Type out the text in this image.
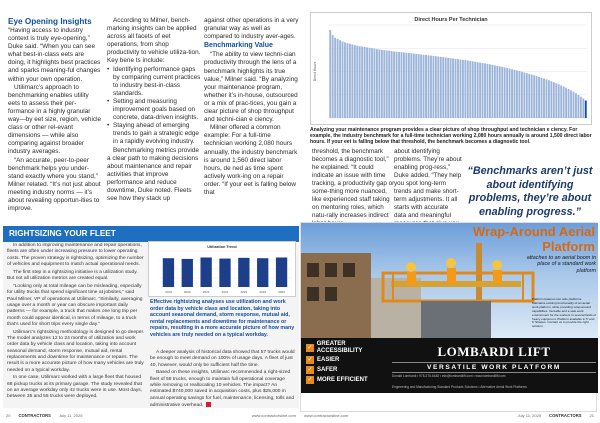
Eye Opening Insights

“Having access to industry context is truly eye-opening,” Duke said. “When you can see what best-in-class eets are doing, it highlights best practices and sparks meaning-ful changes within your own operation.

Utilimarc’s approach to benchmarking enables utility eets to assess their per-formance in a highly granular way—by eet size, region, vehicle class or other rel-evant dimensions — while also comparing against broader industry averages.

“An accurate, peer-to-peer benchmark helps you under-stand exactly where you stand,” Milner related. “It’s not just about meeting industry norms — it’s about revealing opportun-ities to improve.

According to Milner, bench-marking insights can be applied across all facets of eet operations, from shop productivity to vehicle utiliza-tion. Key bene ts include:

• Identifying performance gaps by comparing current practices to industry best-in-class standards.
• Setting and measuring improvement goals based on concrete, data-driven insights.
• Staying ahead of emerging trends to gain a strategic edge in a rapidly evolving industry.

Benchmarking metrics provide a clear path to making decisions about maintenance and repair activities that improve performance and reduce downtime, Duke noted. Fleets see how they stack up

against other operations in a very granular way as well as compared to industry aver-ages.

Benchmarking Value

“The ability to view techni-cian productivity through the lens of a benchmark highlights its true value,” Milner said. “By analyzing your maintenance program, whether it’s in-house, outsourced or a mix of prac-tices, you gain a clear picture of shop throughput and techni-cian e ciency.

Milner offered a common example: For a full-time technician working 2,080 hours annually, the industry benchmark is around 1,560 direct labor hours, de ned as time spent actively work-ing on a repair order. “If your eet is falling below that

Direct Hours Per Technician
Direct Hours
Analyzing your maintenance program provides a clear picture of shop throughput and technician e ciency. For example, the industry benchmark for a full-time technician working 2,080 hours annually is around 1,500 direct labor hours. If your eet is falling below that threshold, the benchmark becomes a diagnostic tool.

threshold, the benchmark becomes a diagnostic tool,” he explained. “It could indicate an issue with time tracking, a productivity gap or some-thing more nuanced, like experienced staff taking on mentoring roles, which natu-rally increases indirect

about identifying problems. They’re about enabling prog-ress,” Duke added. “They help you spot long-term trends and make short-term adjustments. It all starts with accurate data and meaningful

“Benchmarks aren’t just about identifying problems, they’re about enabling progress.”
RIGHTSIZING YOUR FLEET

In addition to improving maintenance and repair operations, fleets are often under increasing pressure to lower operating costs. The proven strategy is rightsizing, optimizing the number of vehicles and equipment to match actual operational needs.

The first step in a rightsizing initiative is a utilization study. But not all utilization metrics are created equal.

“Looking only at total mileage can be misleading, especially for utility trucks that spend significant time at jobsites,” said Paul Milner, VP of operations at Utilimarc. “Similarly, averaging usage over a month or year can obscure important daily patterns — for example, a truck that makes one long trip per month could appear identical, in terms of mileage, to a truck that’s used for short trips every single day.”

Utilimarc’s rightsizing methodology is designed to go deeper. The model analyzes 12 to 24 months of utilization and work order data by vehicle class and location, taking into account seasonal demand, storm response, mutual aid, rental replacements and downtime for maintenance or repairs. The result is a more accurate picture of how many vehicles are truly needed on a typical workday.

In one case, Utilimarc worked with a large fleet that housed 68 pickup trucks at its primary garage. The study revealed that on an average workday only 42 trucks were in use. Most days, between 35 and 55 trucks were deployed.

Utilization Trend
2019	2020	2021	2022	2023	2024	2025
Effective rightsizing analyses use utilization and work order data by vehicle class and location, taking into account seasonal demand, storm response, mutual aid, rental replacements and downtime for maintenance or repairs, resulting in a more accurate picture of how many vehicles are truly needed on a typical workday.

A deeper analysis of historical data showed that 57 trucks would be enough to meet demand on 100% of usage days. A fleet of just 40, however, would only be sufficient half the time.

Based on these insights, Utilimarc recommended a right-sized fleet of 58 trucks, enough to maintain full operational coverage while removing or reallocating 10 vehicles. The impact? An estimated $740,000 saved in acquisition costs, plus $25,000 in annual operating savings for fuel, maintenance, licensing, tolls and administrative overhead.

Wrap-Around Aerial Platform
attaches to an aerial boom in place of a standard work platform
Platform features two side platforms. Maintains existing functionality of an aerial work platform, while providing wrap-around capabilities. Versatile and a safe work environment for the workers in several fields of heavy equipment. Platform available in 5’ and 6’ Shapes. Contact us to provide the right solution.
✓
GREATER ACCESSIBILITY
✓ EASIER
✓ SAFER
✓ MORE EFFICIENT
LOMBARDI LIFT
VERSATILE WORK PLATFORM
Donald Lombardi • 978-376-6448 • info@lombardilift.com • www.lombardilift.com
Engineering and Manufacturing Standard Products Solutions • Alternative Aerial Work Platforms
20 CONTRACTORS July 11, 2025	www.contractorsline.com www.contractorsline.com	July 11, 2025 CONTRACTORS 21
